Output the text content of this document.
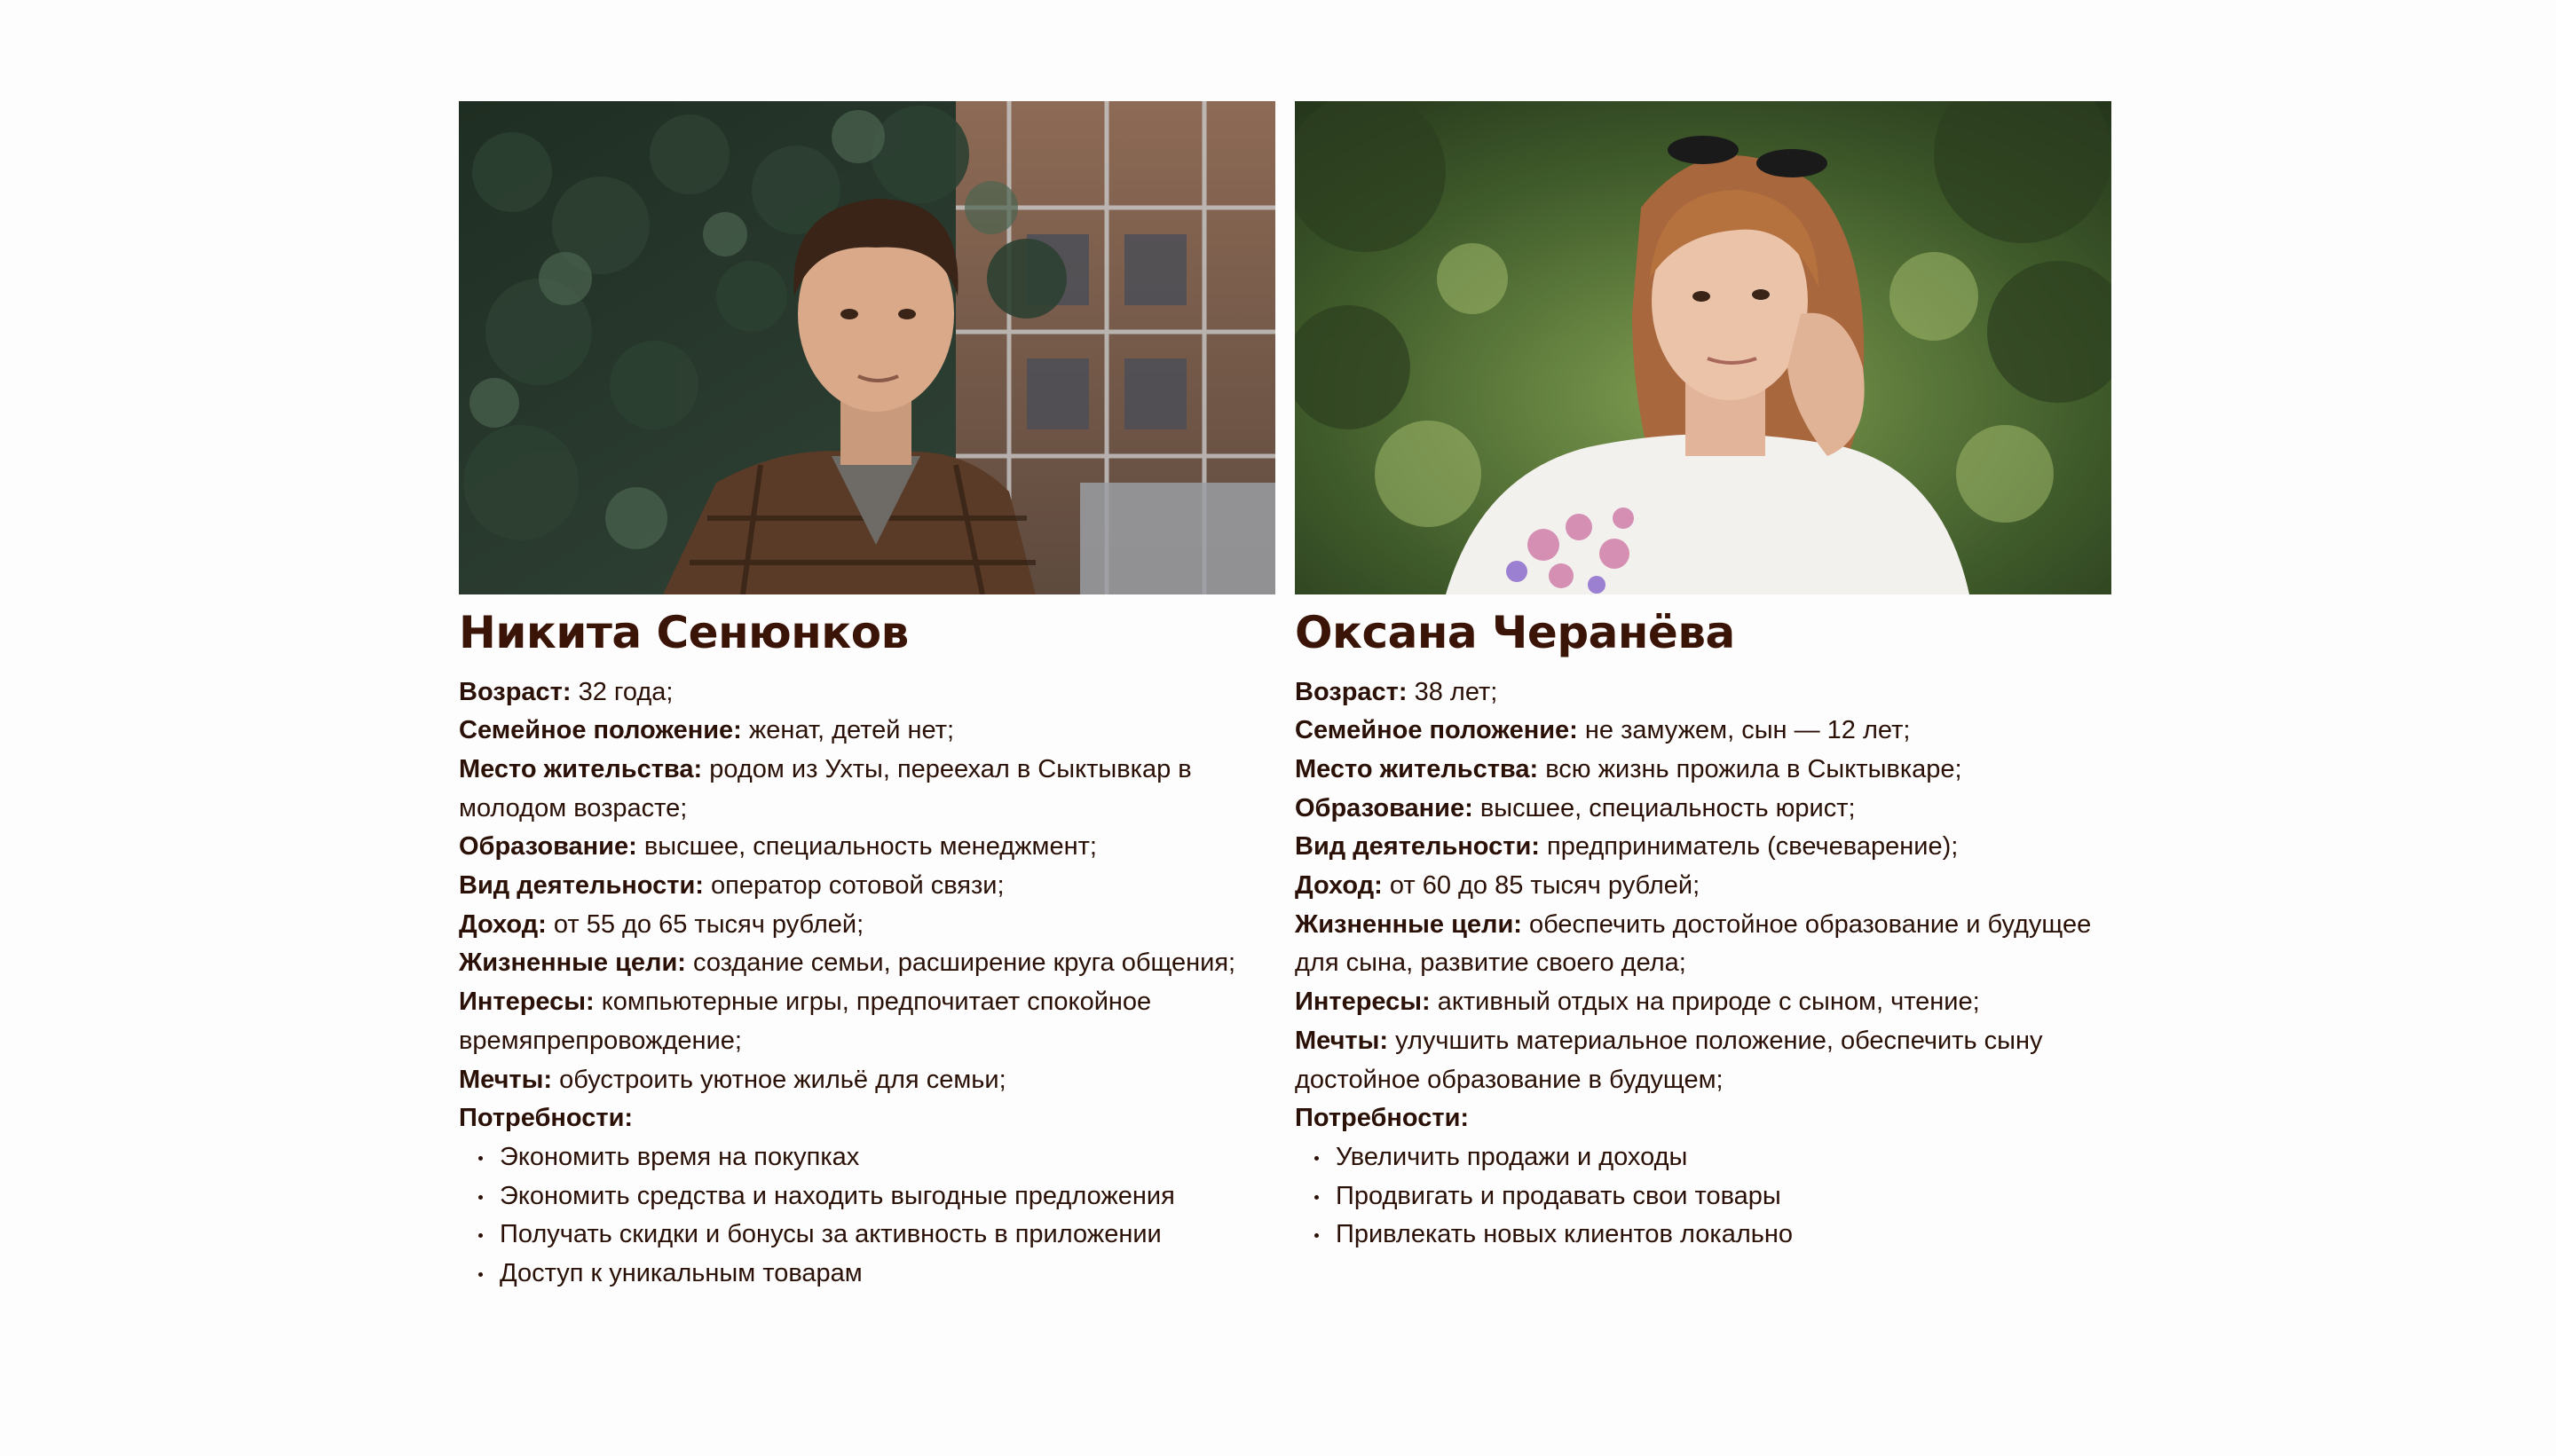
Никита Сенюнков
Возраст: 32 года;
Семейное положение: женат, детей нет;
Место жительства: родом из Ухты, переехал в Сыктывкар в молодом возрасте;
Образование: высшее, специальность менеджмент;
Вид деятельности: оператор сотовой связи;
Доход: от 55 до 65 тысяч рублей;
Жизненные цели: создание семьи, расширение круга общения;
Интересы: компьютерные игры, предпочитает спокойное времяпрепровождение;
Мечты: обустроить уютное жильё для семьи;
Потребности:
Экономить время на покупках
Экономить средства и находить выгодные предложения
Получать скидки и бонусы за активность в приложении
Доступ к уникальным товарам
Оксана Черанёва
Возраст: 38 лет;
Семейное положение: не замужем, сын — 12 лет;
Место жительства: всю жизнь прожила в Сыктывкаре;
Образование: высшее, специальность юрист;
Вид деятельности: предприниматель (свечеварение);
Доход: от 60 до 85 тысяч рублей;
Жизненные цели: обеспечить достойное образование и будущее для сына, развитие своего дела;
Интересы: активный отдых на природе с сыном, чтение;
Мечты: улучшить материальное положение, обеспечить сыну достойное образование в будущем;
Потребности:
Увеличить продажи и доходы
Продвигать и продавать свои товары
Привлекать новых клиентов локально
